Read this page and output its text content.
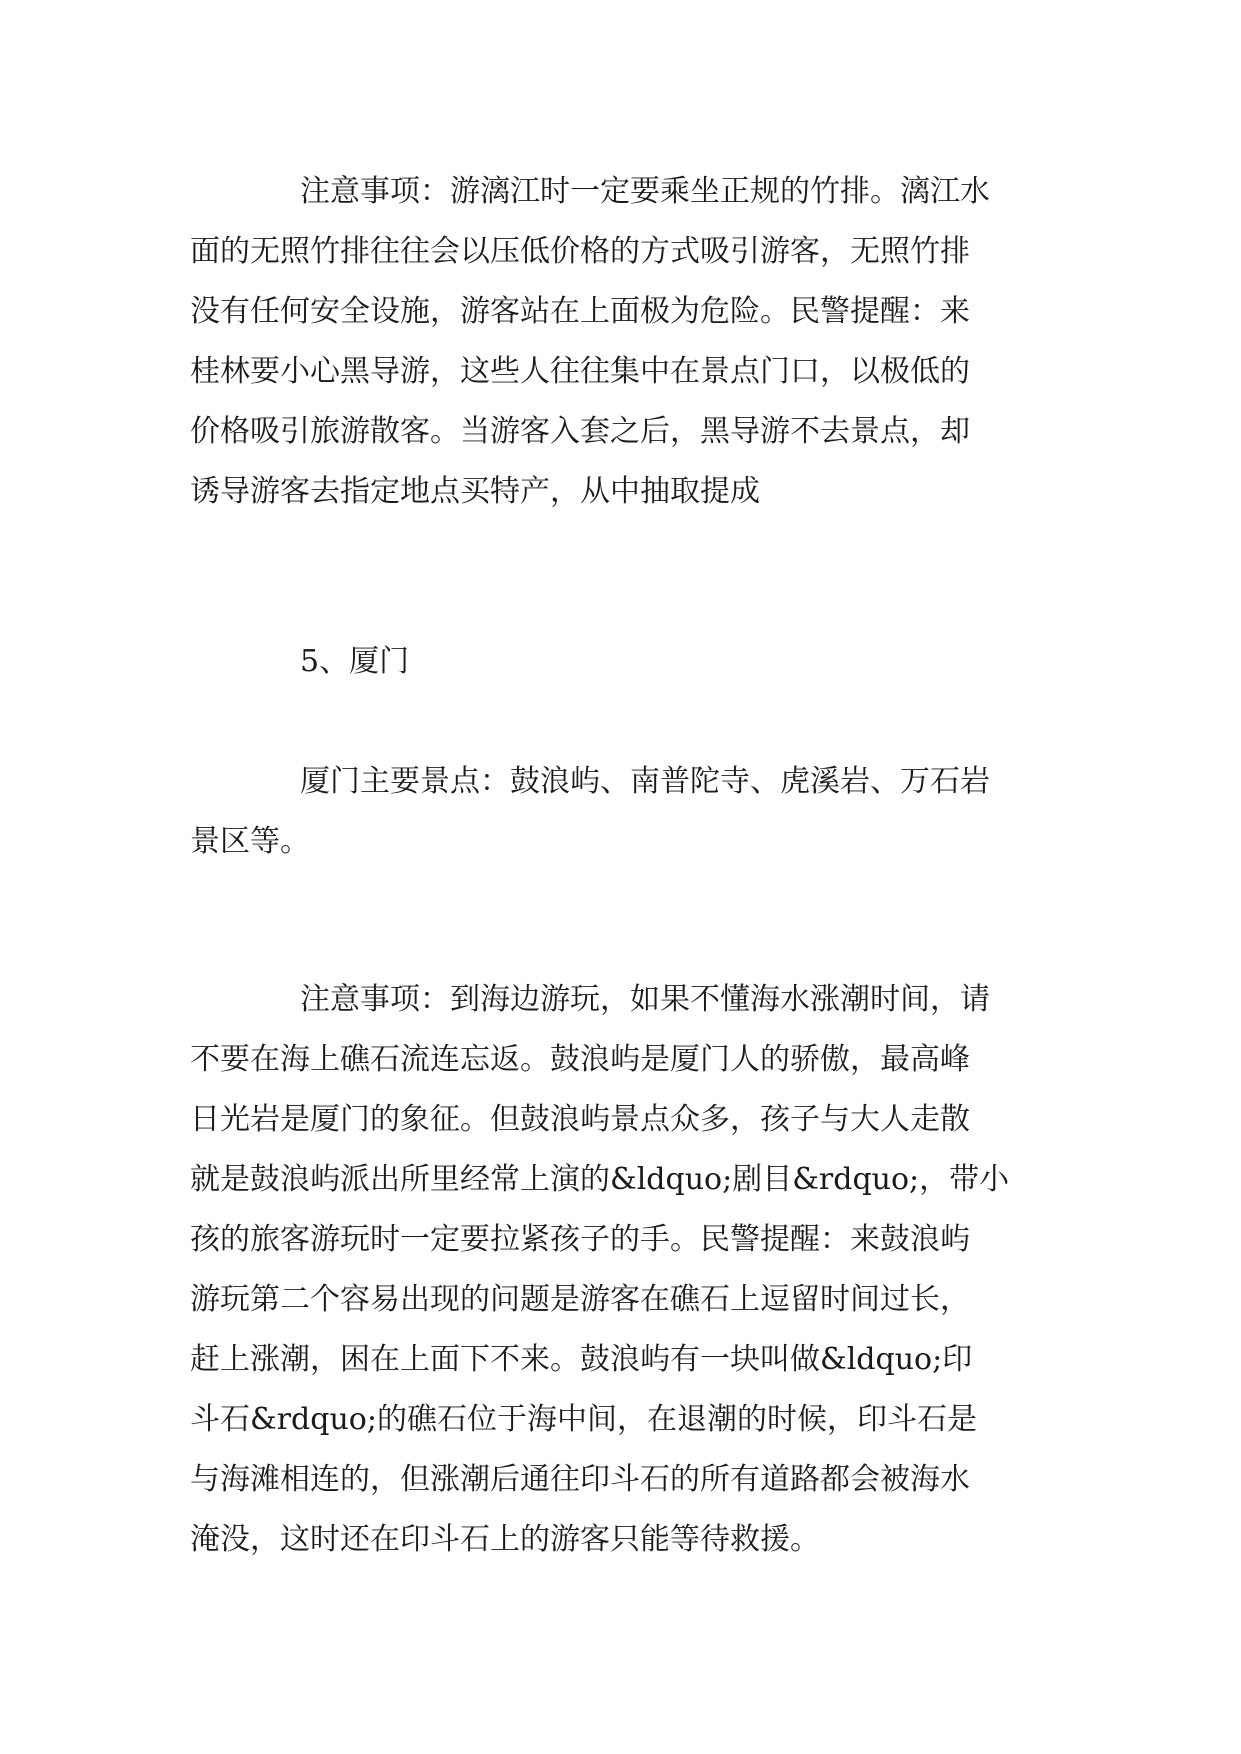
注意事项：游漓江时一定要乘坐正规的竹排。漓江水
面的无照竹排往往会以压低价格的方式吸引游客，无照竹排
没有任何安全设施，游客站在上面极为危险。民警提醒：来
桂林要小心黑导游，这些人往往集中在景点门口，以极低的
价格吸引旅游散客。当游客入套之后，黑导游不去景点，却
诱导游客去指定地点买特产，从中抽取提成
5、厦门
厦门主要景点：鼓浪屿、南普陀寺、虎溪岩、万石岩
景区等。
注意事项：到海边游玩，如果不懂海水涨潮时间，请
不要在海上礁石流连忘返。鼓浪屿是厦门人的骄傲，最高峰
日光岩是厦门的象征。但鼓浪屿景点众多，孩子与大人走散
就是鼓浪屿派出所里经常上演的&ldquo;剧目&rdquo;，带小
孩的旅客游玩时一定要拉紧孩子的手。民警提醒：来鼓浪屿
游玩第二个容易出现的问题是游客在礁石上逗留时间过长，
赶上涨潮，困在上面下不来。鼓浪屿有一块叫做&ldquo;印
斗石&rdquo;的礁石位于海中间，在退潮的时候，印斗石是
与海滩相连的，但涨潮后通往印斗石的所有道路都会被海水
淹没，这时还在印斗石上的游客只能等待救援。
